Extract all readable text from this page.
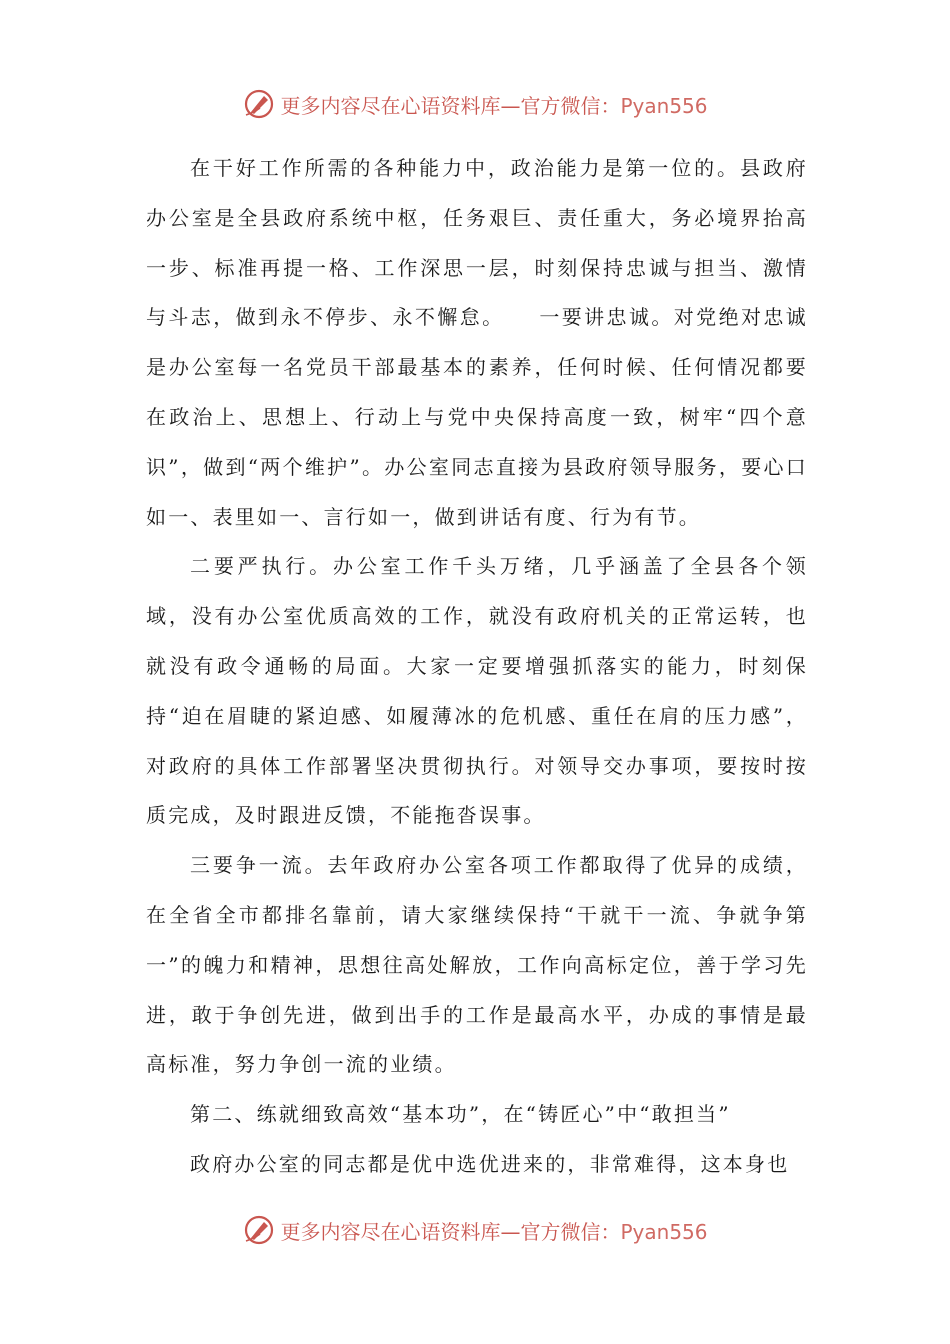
更多内容尽在心语资料库—官方微信：Pyan556

在干好工作所需的各种能力中，政治能力是第一位的。县政府办公室是全县政府系统中枢，任务艰巨、责任重大，务必境界抬高一步、标准再提一格、工作深思一层，时刻保持忠诚与担当、激情与斗志，做到永不停步、永不懈怠。　　一要讲忠诚。对党绝对忠诚是办公室每一名党员干部最基本的素养，任何时候、任何情况都要在政治上、思想上、行动上与党中央保持高度一致，树牢“四个意识”，做到“两个维护”。办公室同志直接为县政府领导服务，要心口如一、表里如一、言行如一，做到讲话有度、行为有节。

二要严执行。办公室工作千头万绪，几乎涵盖了全县各个领域，没有办公室优质高效的工作，就没有政府机关的正常运转，也就没有政令通畅的局面。大家一定要增强抓落实的能力，时刻保持“迫在眉睫的紧迫感、如履薄冰的危机感、重任在肩的压力感”，对政府的具体工作部署坚决贯彻执行。对领导交办事项，要按时按质完成，及时跟进反馈，不能拖沓误事。

三要争一流。去年政府办公室各项工作都取得了优异的成绩，在全省全市都排名靠前，请大家继续保持“干就干一流、争就争第一”的魄力和精神，思想往高处解放，工作向高标定位，善于学习先进，敢于争创先进，做到出手的工作是最高水平，办成的事情是最高标准，努力争创一流的业绩。

第二、练就细致高效“基本功”，在“铸匠心”中“敢担当”

政府办公室的同志都是优中选优进来的，非常难得，这本身也

更多内容尽在心语资料库—官方微信：Pyan556
